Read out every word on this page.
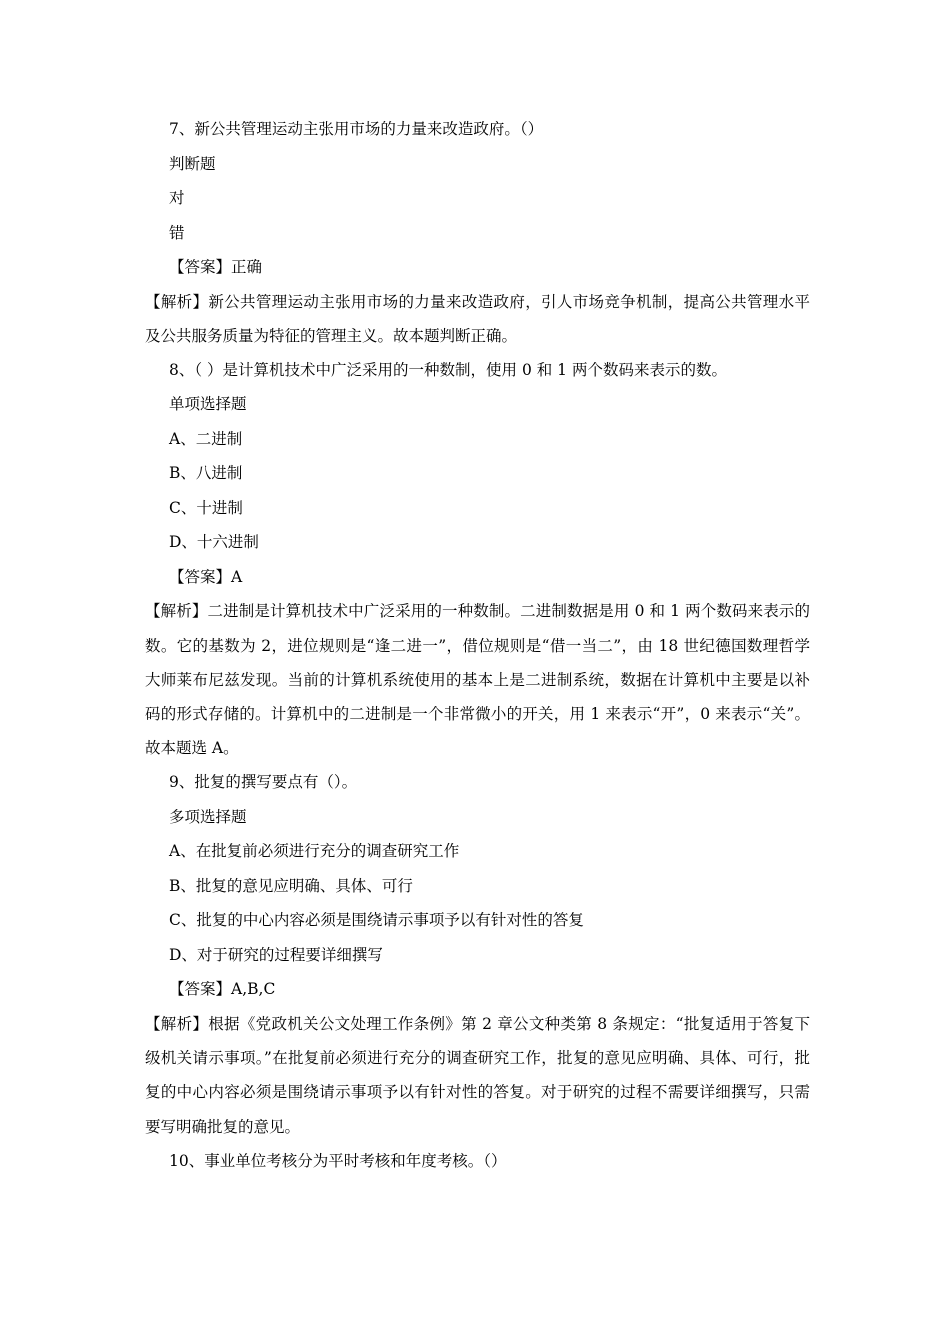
7、新公共管理运动主张用市场的力量来改造政府。（）
判断题
对
错
【答案】正确

【解析】新公共管理运动主张用市场的力量来改造政府，引人市场竞争机制，提高公共管理水平及公共服务质量为特征的管理主义。故本题判断正确。

8、（ ）是计算机技术中广泛采用的一种数制，使用 0 和 1 两个数码来表示的数。
单项选择题
A、二进制
B、八进制
C、十进制
D、十六进制
【答案】A

【解析】二进制是计算机技术中广泛采用的一种数制。二进制数据是用 0 和 1 两个数码来表示的数。它的基数为 2，进位规则是“逢二进一”，借位规则是“借一当二”，由 18 世纪德国数理哲学大师莱布尼兹发现。当前的计算机系统使用的基本上是二进制系统，数据在计算机中主要是以补码的形式存储的。计算机中的二进制是一个非常微小的开关，用 1 来表示“开”，0 来表示“关”。故本题选 A。

9、批复的撰写要点有（）。
多项选择题
A、在批复前必须进行充分的调查研究工作
B、批复的意见应明确、具体、可行
C、批复的中心内容必须是围绕请示事项予以有针对性的答复
D、对于研究的过程要详细撰写
【答案】A,B,C

【解析】根据《党政机关公文处理工作条例》第 2 章公文种类第 8 条规定：“批复适用于答复下级机关请示事项。”在批复前必须进行充分的调查研究工作，批复的意见应明确、具体、可行，批复的中心内容必须是围绕请示事项予以有针对性的答复。对于研究的过程不需要详细撰写，只需要写明确批复的意见。

10、事业单位考核分为平时考核和年度考核。（）
